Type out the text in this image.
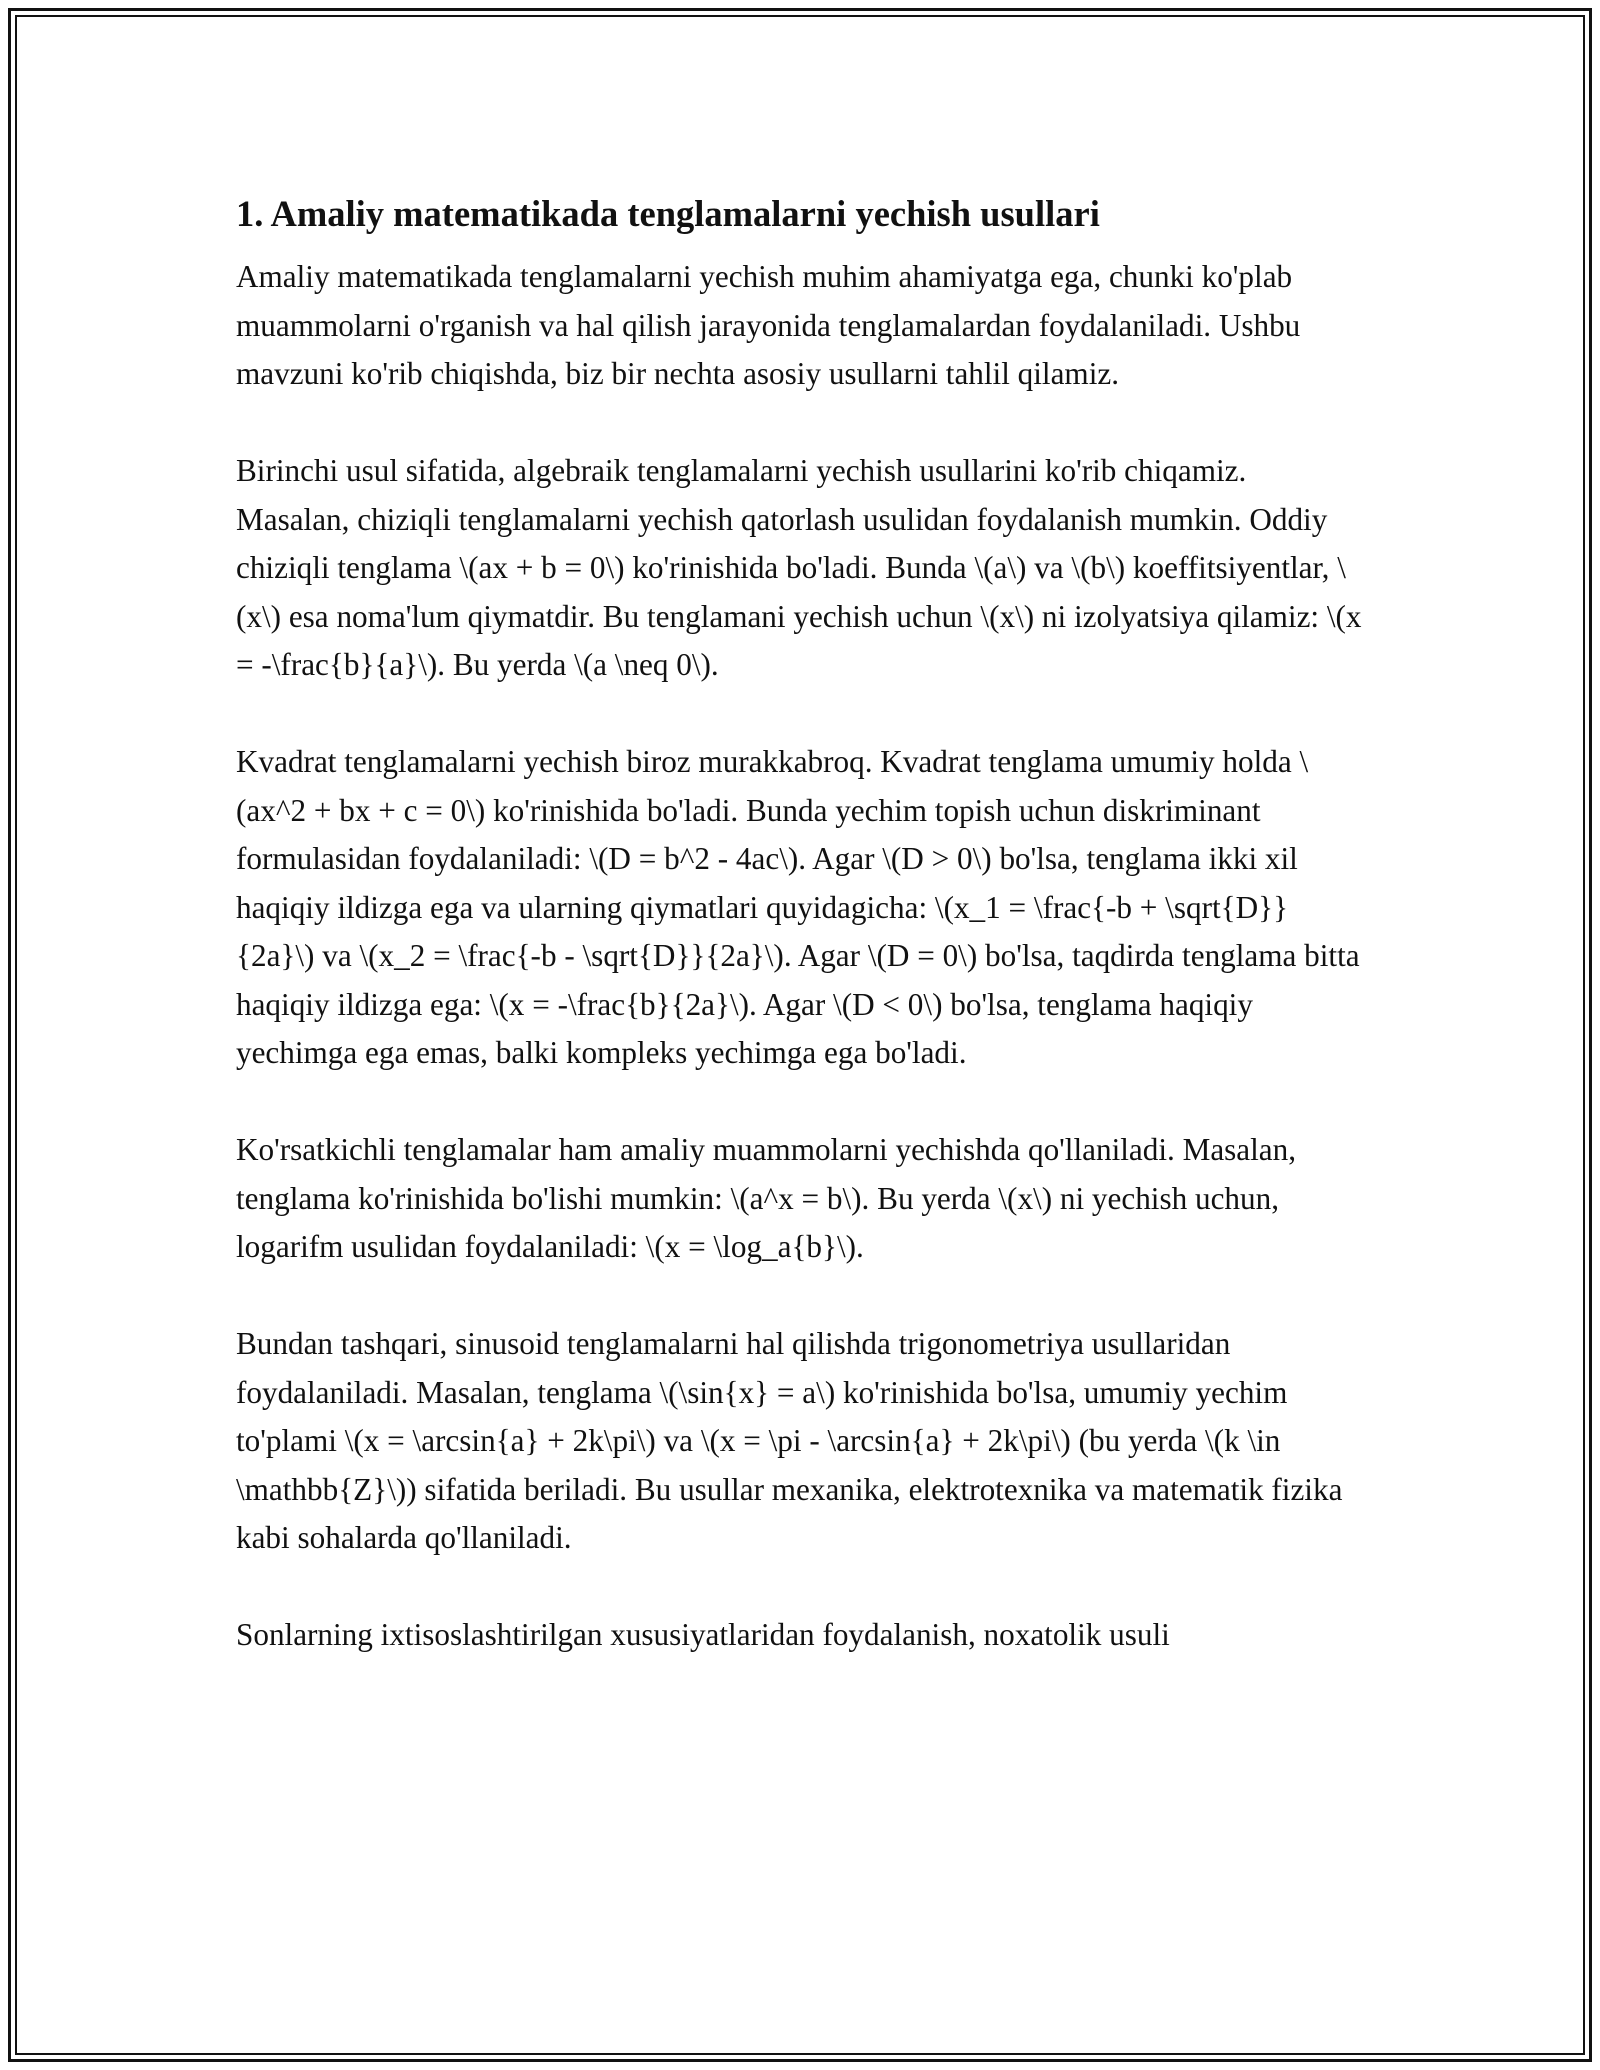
1. Amaliy matematikada tenglamalarni yechish usullari

Amaliy matematikada tenglamalarni yechish muhim ahamiyatga ega, chunki ko'plab muammolarni o'rganish va hal qilish jarayonida tenglamalardan foydalaniladi. Ushbu mavzuni ko'rib chiqishda, biz bir nechta asosiy usullarni tahlil qilamiz.

Birinchi usul sifatida, algebraik tenglamalarni yechish usullarini ko'rib chiqamiz. Masalan, chiziqli tenglamalarni yechish qatorlash usulidan foydalanish mumkin. Oddiy chiziqli tenglama \(ax + b = 0\) ko'rinishida bo'ladi. Bunda \(a\) va \(b\) koeffitsiyentlar, \(x\) esa noma'lum qiymatdir. Bu tenglamani yechish uchun \(x\) ni izolyatsiya qilamiz: \(x = -\frac{b}{a}\). Bu yerda \(a \neq 0\).

Kvadrat tenglamalarni yechish biroz murakkabroq. Kvadrat tenglama umumiy holda \(ax^2 + bx + c = 0\) ko'rinishida bo'ladi. Bunda yechim topish uchun diskriminant formulasidan foydalaniladi: \(D = b^2 - 4ac\). Agar \(D > 0\) bo'lsa, tenglama ikki xil haqiqiy ildizga ega va ularning qiymatlari quyidagicha: \(x_1 = \frac{-b + \sqrt{D}}{2a}\) va \(x_2 = \frac{-b - \sqrt{D}}{2a}\). Agar \(D = 0\) bo'lsa, taqdirda tenglama bitta haqiqiy ildizga ega: \(x = -\frac{b}{2a}\). Agar \(D < 0\) bo'lsa, tenglama haqiqiy yechimga ega emas, balki kompleks yechimga ega bo'ladi.

Ko'rsatkichli tenglamalar ham amaliy muammolarni yechishda qo'llaniladi. Masalan, tenglama ko'rinishida bo'lishi mumkin: \(a^x = b\). Bu yerda \(x\) ni yechish uchun, logarifm usulidan foydalaniladi: \(x = \log_a{b}\).

Bundan tashqari, sinusoid tenglamalarni hal qilishda trigonometriya usullaridan foydalaniladi. Masalan, tenglama \(\sin{x} = a\) ko'rinishida bo'lsa, umumiy yechim to'plami \(x = \arcsin{a} + 2k\pi\) va \(x = \pi - \arcsin{a} + 2k\pi\) (bu yerda \(k \in \mathbb{Z}\)) sifatida beriladi. Bu usullar mexanika, elektrotexnika va matematik fizika kabi sohalarda qo'llaniladi.

Sonlarning ixtisoslashtirilgan xususiyatlaridan foydalanish, noxatolik usuli
